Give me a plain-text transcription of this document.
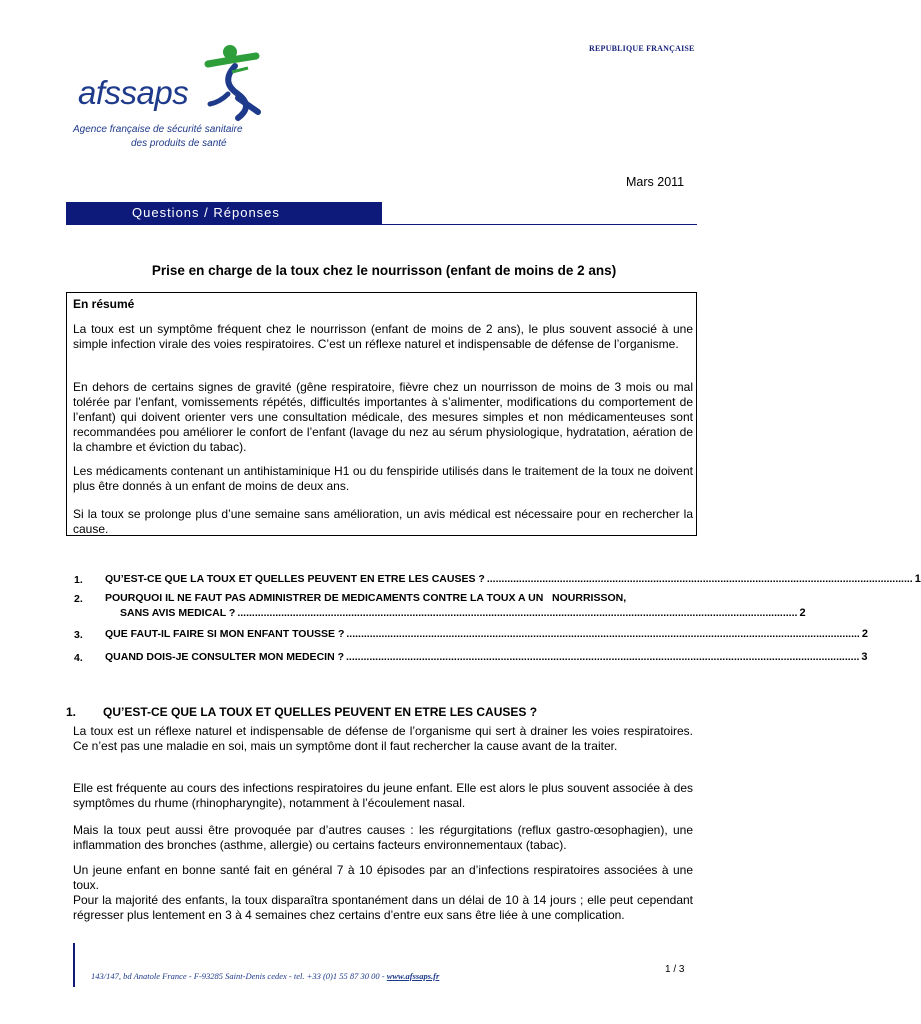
REPUBLIQUE FRANÇAISE
afssaps
Agence française de sécurité sanitaire
des produits de santé
Mars 2011
Questions / Réponses
Prise en charge de la toux chez le nourrisson (enfant de moins de 2 ans)
En résumé
La toux est un symptôme fréquent chez le nourrisson (enfant de moins de 2 ans), le plus souvent associé à une simple infection virale des voies respiratoires. C’est un réflexe naturel et indispensable de défense de l’organisme.
En dehors de certains signes de gravité (gêne respiratoire, fièvre chez un nourrisson de moins de 3 mois ou mal tolérée par l’enfant, vomissements répétés, difficultés importantes à s’alimenter, modifications du comportement de l’enfant) qui doivent orienter vers une consultation médicale, des mesures simples et non médicamenteuses sont recommandées pou améliorer le confort de l’enfant (lavage du nez au sérum physiologique, hydratation, aération de la chambre et éviction du tabac).
Les médicaments contenant un antihistaminique H1 ou du fenspiride utilisés dans le traitement de la toux ne doivent plus être donnés à un enfant de moins de deux ans.
Si la toux se prolonge plus d’une semaine sans amélioration, un avis médical est nécessaire pour en rechercher la cause.
1. QU’EST-CE QUE LA TOUX ET QUELLES PEUVENT EN ETRE LES CAUSES ? .................................................................................................................................................. 1
2. POURQUOI IL NE FAUT PAS ADMINISTRER DE MEDICAMENTS CONTRE LA TOUX A UN   NOURRISSON,
SANS AVIS MEDICAL ? ................................................................................................................................................................................................ 2
3. QUE FAUT-IL FAIRE SI MON ENFANT TOUSSE ? ................................................................................................................................................................................ 2
4. QUAND DOIS-JE CONSULTER MON MEDECIN ? ................................................................................................................................................................................ 3
1. QU’EST-CE QUE LA TOUX ET QUELLES PEUVENT EN ETRE LES CAUSES ?
La toux est un réflexe naturel et indispensable de défense de l’organisme qui sert à drainer les voies respiratoires. Ce n’est pas une maladie en soi, mais un symptôme dont il faut rechercher la cause avant de la traiter.
Elle est fréquente au cours des infections respiratoires du jeune enfant. Elle est alors le plus souvent associée à des symptômes du rhume (rhinopharyngite), notamment à l’écoulement nasal.
Mais la toux peut aussi être provoquée par d’autres causes : les régurgitations (reflux gastro-œsophagien), une inflammation des bronches (asthme, allergie) ou certains facteurs environnementaux (tabac).
Un jeune enfant en bonne santé fait en général 7 à 10 épisodes par an d’infections respiratoires associées à une toux.
Pour la majorité des enfants, la toux disparaîtra spontanément dans un délai de 10 à 14 jours ; elle peut cependant régresser plus lentement en 3 à 4 semaines chez certains d’entre eux sans être liée à une complication.
143/147, bd Anatole France - F-93285 Saint-Denis cedex - tel. +33 (0)1 55 87 30 00 - www.afssaps.fr
1 / 3
